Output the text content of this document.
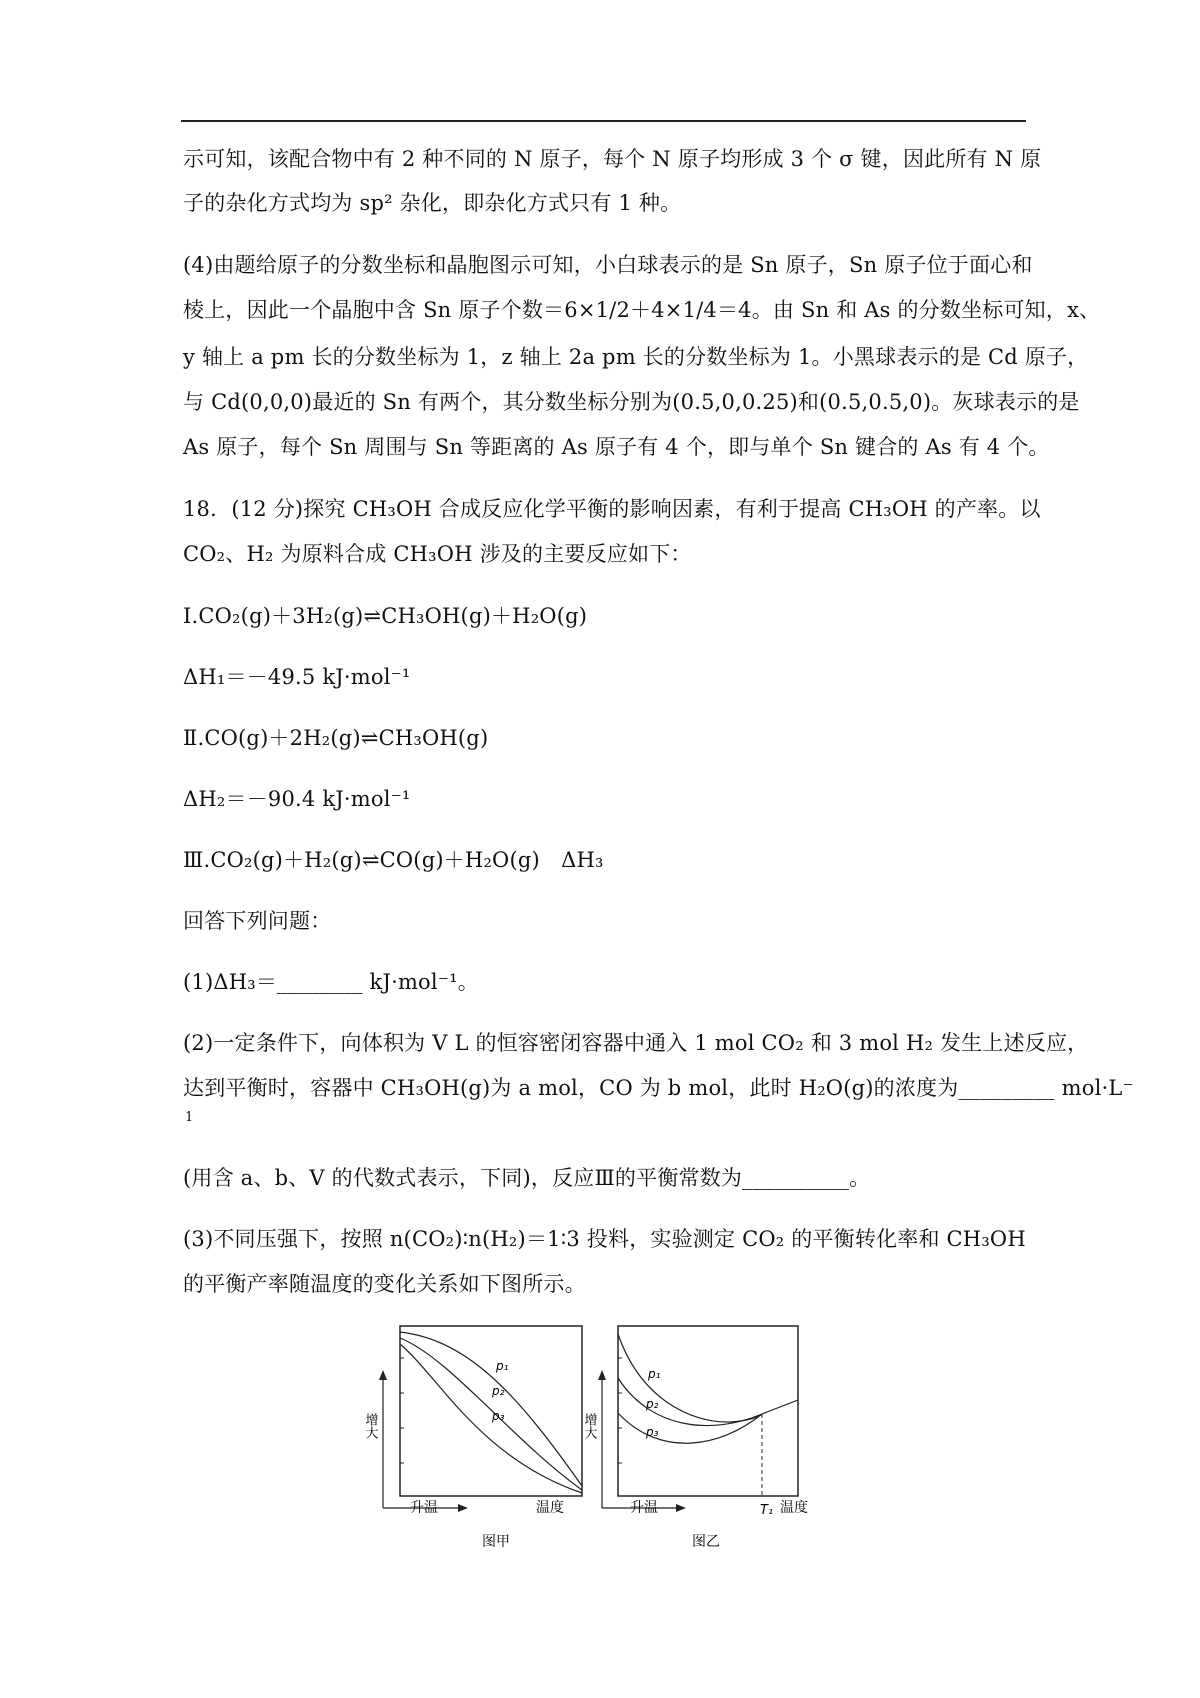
示可知，该配合物中有 2 种不同的 N 原子，每个 N 原子均形成 3 个 σ 键，因此所有 N 原
子的杂化方式均为 sp² 杂化，即杂化方式只有 1 种。
(4)由题给原子的分数坐标和晶胞图示可知，小白球表示的是 Sn 原子，Sn 原子位于面心和
棱上，因此一个晶胞中含 Sn 原子个数＝6×1/2＋4×1/4＝4。由 Sn 和 As 的分数坐标可知，x、
y 轴上 a pm 长的分数坐标为 1，z 轴上 2a pm 长的分数坐标为 1。小黑球表示的是 Cd 原子，
与 Cd(0,0,0)最近的 Sn 有两个，其分数坐标分别为(0.5,0,0.25)和(0.5,0.5,0)。灰球表示的是
As 原子，每个 Sn 周围与 Sn 等距离的 As 原子有 4 个，即与单个 Sn 键合的 As 有 4 个。
18．(12 分)探究 CH₃OH 合成反应化学平衡的影响因素，有利于提高 CH₃OH 的产率。以
CO₂、H₂ 为原料合成 CH₃OH 涉及的主要反应如下：
Ⅰ.CO₂(g)＋3H₂(g)⇌CH₃OH(g)＋H₂O(g)
ΔH₁＝－49.5 kJ·mol⁻¹
Ⅱ.CO(g)＋2H₂(g)⇌CH₃OH(g)
ΔH₂＝－90.4 kJ·mol⁻¹
Ⅲ.CO₂(g)＋H₂(g)⇌CO(g)＋H₂O(g)　ΔH₃
回答下列问题：
(1)ΔH₃＝________ kJ·mol⁻¹。
(2)一定条件下，向体积为 V L 的恒容密闭容器中通入 1 mol CO₂ 和 3 mol H₂ 发生上述反应，
达到平衡时，容器中 CH₃OH(g)为 a mol，CO 为 b mol，此时 H₂O(g)的浓度为_________ mol·L⁻
1
(用含 a、b、V 的代数式表示，下同)，反应Ⅲ的平衡常数为__________。
(3)不同压强下，按照 n(CO₂)∶n(H₂)＝1∶3 投料，实验测定 CO₂ 的平衡转化率和 CH₃OH
的平衡产率随温度的变化关系如下图所示。
增大
升温	温度
p₁
p₂
p₃
图甲
增大
升温	温度
T₁
p₁
p₂
p₃
图乙
